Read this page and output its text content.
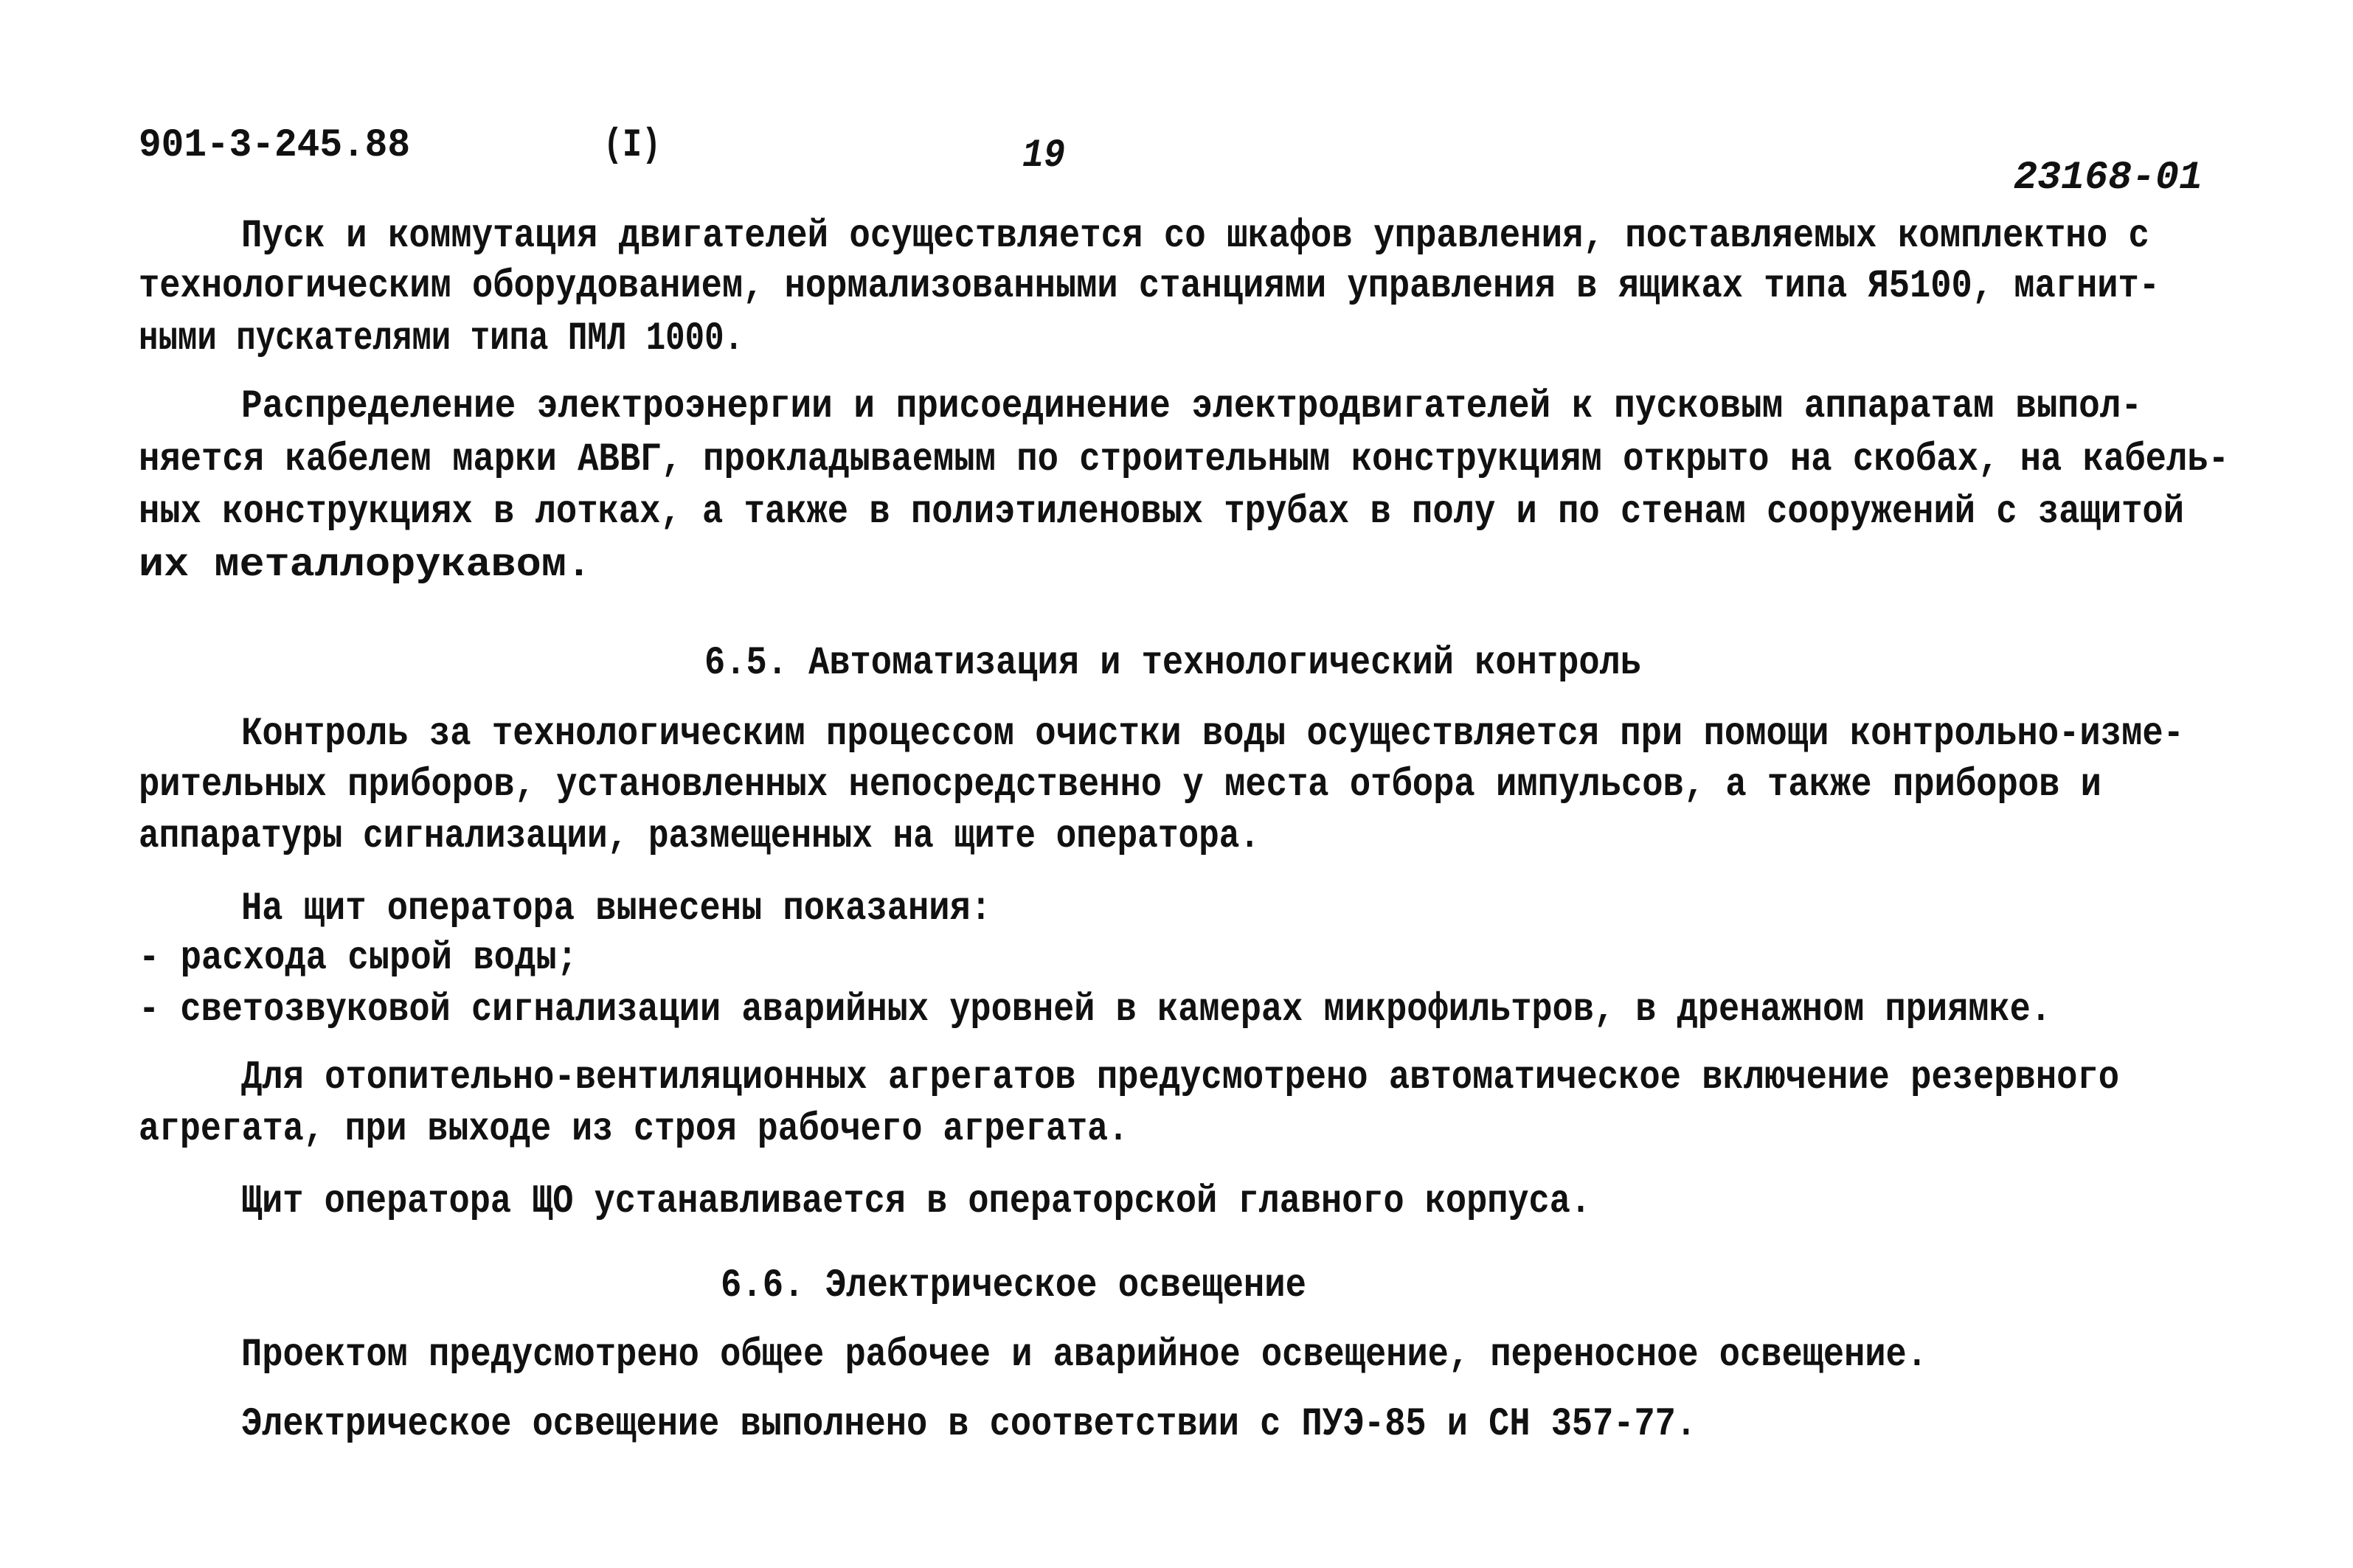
901-3-245.88	(I)	19	23168-01
Пуск и коммутация двигателей осуществляется со шкафов управления, поставляемых комплектно с
технологическим оборудованием, нормализованными станциями управления в ящиках типа Я5100, магнит-
ными пускателями типа ПМЛ 1000.
Распределение электроэнергии и присоединение электродвигателей к пусковым аппаратам выпол-
няется кабелем марки АВВГ, прокладываемым по строительным конструкциям открыто на скобах, на кабель-
ных конструкциях в лотках, а также в полиэтиленовых трубах в полу и по стенам сооружений с защитой
их металлорукавом.
6.5. Автоматизация и технологический контроль
Контроль за технологическим процессом очистки воды осуществляется при помощи контрольно-изме-
рительных приборов, установленных непосредственно у места отбора импульсов, а также приборов и
аппаратуры сигнализации, размещенных на щите оператора.
На щит оператора вынесены показания:
- расхода сырой воды;
- светозвуковой сигнализации аварийных уровней в камерах микрофильтров, в дренажном приямке.
Для отопительно-вентиляционных агрегатов предусмотрено автоматическое включение резервного
агрегата, при выходе из строя рабочего агрегата.
Щит оператора ЩО устанавливается в операторской главного корпуса.
6.6. Электрическое освещение
Проектом предусмотрено общее рабочее и аварийное освещение, переносное освещение.
Электрическое освещение выполнено в соответствии с ПУЭ-85 и СН 357-77.
